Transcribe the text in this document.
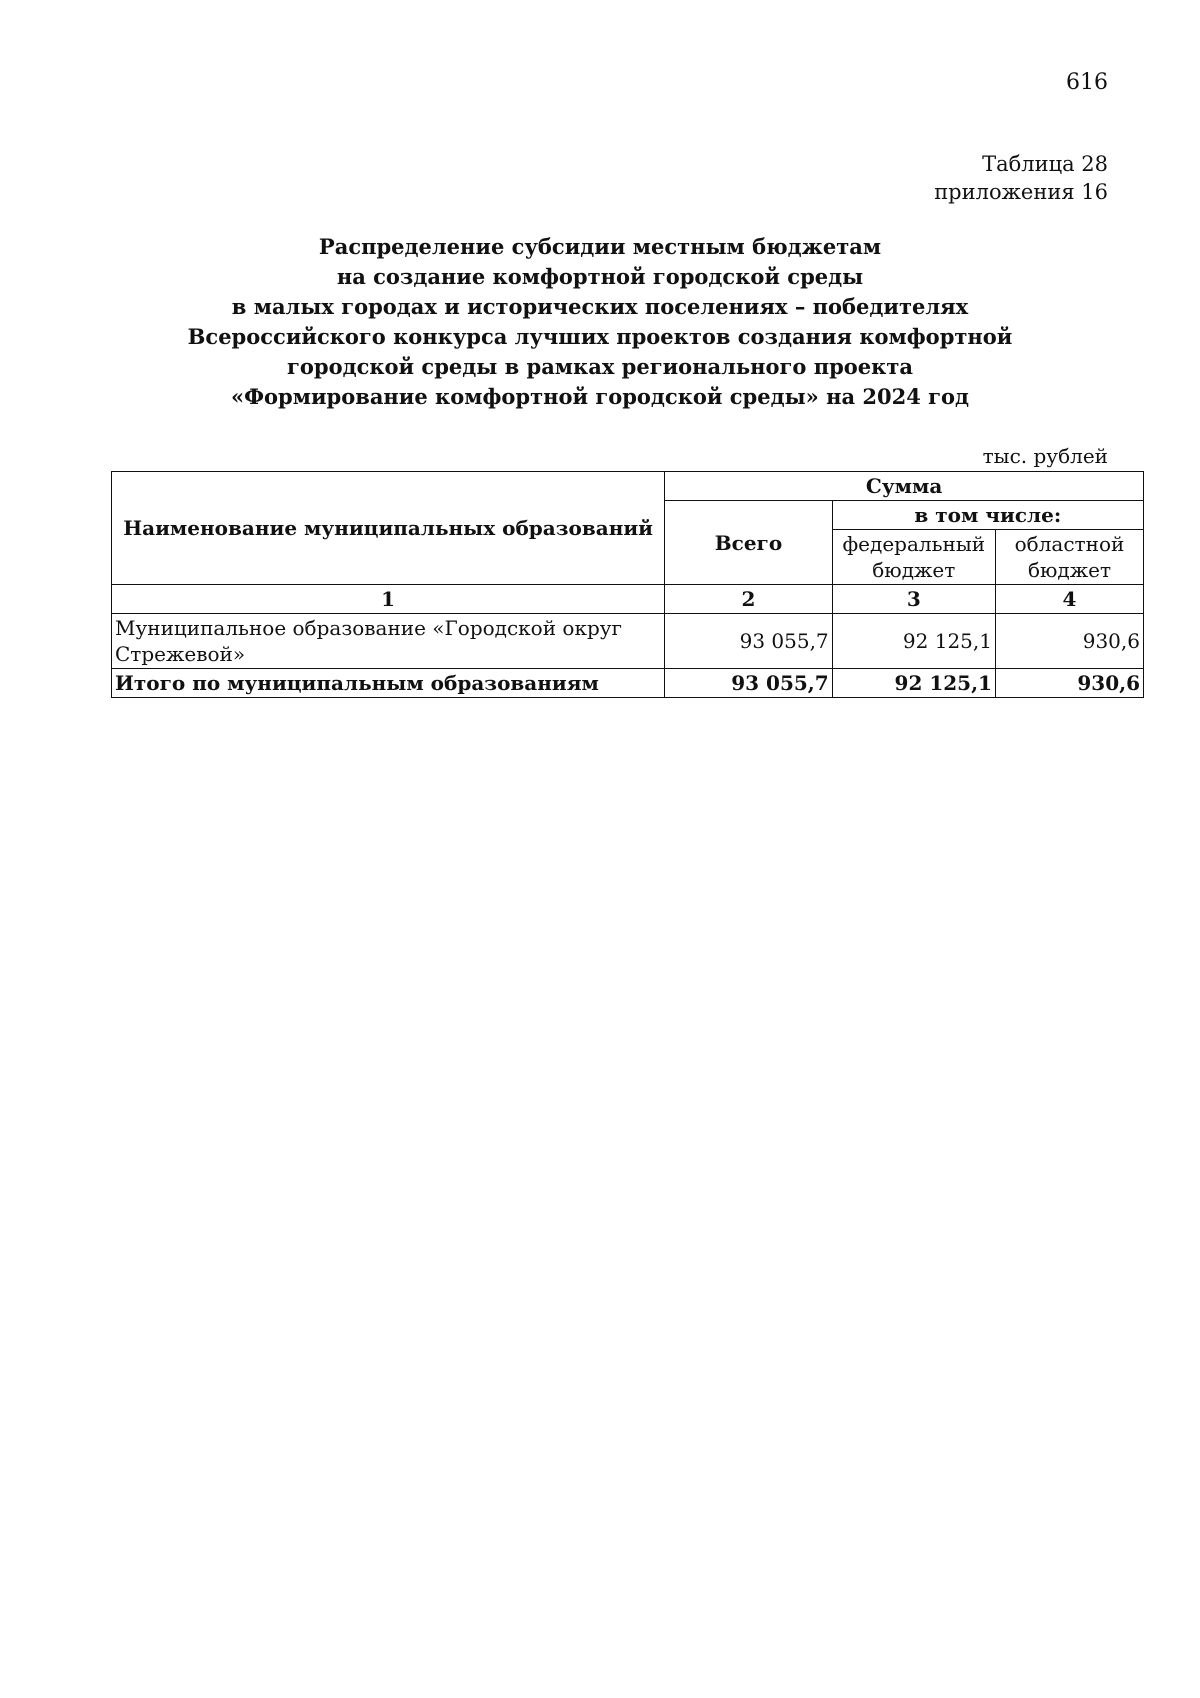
616
Таблица 28
приложения 16
Распределение субсидии местным бюджетам
на создание комфортной городской среды
в малых городах и исторических поселениях – победителях
Всероссийского конкурса лучших проектов создания комфортной
городской среды в рамках регионального проекта
«Формирование комфортной городской среды» на 2024 год
тыс. рублей
Наименование муниципальных образований	Сумма		
	Всего	в том числе:	
		федеральный бюджет	областной бюджет
1	2	3	4
Муниципальное образование «Городской округ Стрежевой»	93 055,7	92 125,1	930,6
Итого по муниципальным образованиям	93 055,7	92 125,1	930,6
